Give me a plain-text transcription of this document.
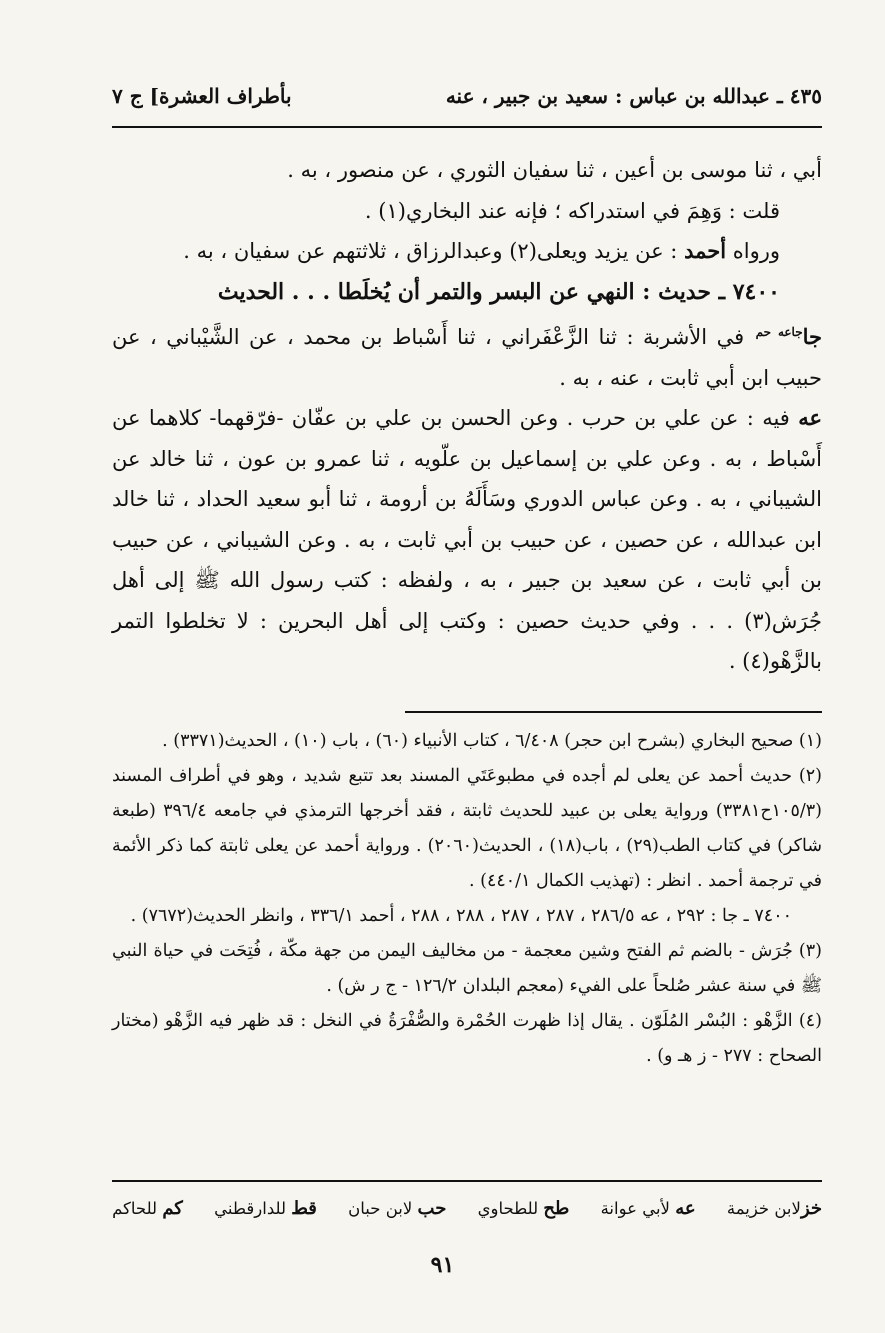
بأطراف العشرة] ج ٧	٤٣٥ ـ عبدالله بن عباس : سعيد بن جبير ، عنه

أبي ، ثنا موسى بن أعين ، ثنا سفيان الثوري ، عن منصور ، به .

قلت : وَهِمَ في استدراكه ؛ فإنه عند البخاري(١) .

ورواه أحمد : عن يزيد ويعلى(٢) وعبدالرزاق ، ثلاثتهم عن سفيان ، به .

٧٤٠٠ ـ حديث : النهي عن البسر والتمر أن يُخلَطا . . . الحديث

جا$^{جاعه حم}$ في الأشربة : ثنا الزَّعْفَراني ، ثنا أَسْباط بن محمد ، عن الشَّيْباني ، عن حبيب ابن أبي ثابت ، عنه ، به .

عه فيه : عن علي بن حرب . وعن الحسن بن علي بن عفّان -فرّقهما- كلاهما عن أَسْباط ، به . وعن علي بن إسماعيل بن علّويه ، ثنا عمرو بن عون ، ثنا خالد عن الشيباني ، به . وعن عباس الدوري وسَأَلَهُ بن أرومة ، ثنا أبو سعيد الحداد ، ثنا خالد ابن عبدالله ، عن حصين ، عن حبيب بن أبي ثابت ، به . وعن الشيباني ، عن حبيب بن أبي ثابت ، عن سعيد بن جبير ، به ، ولفظه : كتب رسول الله ﷺ إلى أهل جُرَش(٣) . . . وفي حديث حصين : وكتب إلى أهل البحرين : لا تخلطوا التمر بالزَّهْو(٤) .

(١) صحيح البخاري (بشرح ابن حجر) ٦/٤٠٨ ، كتاب الأنبياء (٦٠) ، باب (١٠) ، الحديث(٣٣٧١) .

(٢) حديث أحمد عن يعلى لم أجده في مطبوعَتَي المسند بعد تتبع شديد ، وهو في أطراف المسند (١٠٥/٣ح٣٣٨١) ورواية يعلى بن عبيد للحديث ثابتة ، فقد أخرجها الترمذي في جامعه ٣٩٦/٤ (طبعة شاكر) في كتاب الطب(٢٩) ، باب(١٨) ، الحديث(٢٠٦٠) . ورواية أحمد عن يعلى ثابتة كما ذكر الأئمة في ترجمة أحمد . انظر : (تهذيب الكمال ٤٤٠/١) .

٧٤٠٠ ـ جا : ٢٩٢ ، عه ٢٨٦/٥ ، ٢٨٧ ، ٢٨٧ ، ٢٨٨ ، ٢٨٨ ، أحمد ٣٣٦/١ ، وانظر الحديث(٧٦٧٢) .

(٣) جُرَش - بالضم ثم الفتح وشين معجمة - من مخاليف اليمن من جهة مكّة ، فُتِحَت في حياة النبي ﷺ في سنة عشر صُلحاً على الفيء (معجم البلدان ١٢٦/٢ - ج ر ش) .

(٤) الزَّهْو : البُسْر المُلَوّن . يقال إذا ظهرت الحُمْرة والصُّفْرَةُ في النخل : قد ظهر فيه الزَّهْو (مختار الصحاح : ٢٧٧ - ز هـ و) .

خزلابن خزيمة
عه لأبي عوانة
طح للطحاوي
حب لابن حبان
قط للدارقطني
كم للحاكم
٩١
